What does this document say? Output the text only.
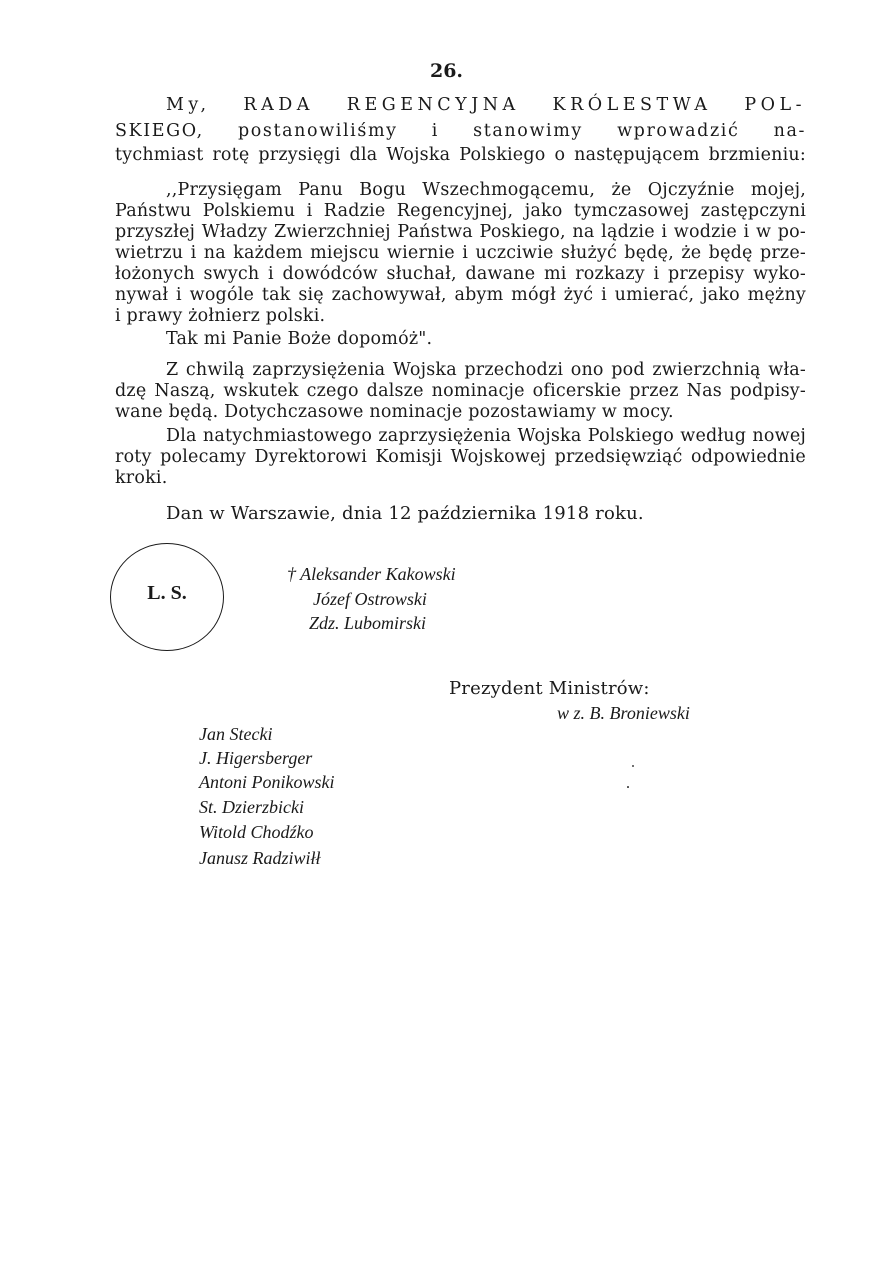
26.
My, RADA REGENCYJNA KRÓLESTWA POL-
SKIEGO, postanowiliśmy i stanowimy wprowadzić na-
tychmiast rotę przysięgi dla Wojska Polskiego o następującem brzmieniu:
,,Przysięgam Panu Bogu Wszechmogącemu, że Ojczyźnie mojej,
Państwu Polskiemu i Radzie Regencyjnej, jako tymczasowej zastępczyni
przyszłej Władzy Zwierzchniej Państwa Poskiego, na lądzie i wodzie i w po-
wietrzu i na każdem miejscu wiernie i uczciwie służyć będę, że będę prze-
łożonych swych i dowódców słuchał, dawane mi rozkazy i przepisy wyko-
nywał i wogóle tak się zachowywał, abym mógł żyć i umierać, jako mężny
i prawy żołnierz polski.
Tak mi Panie Boże dopomóż".
Z chwilą zaprzysiężenia Wojska przechodzi ono pod zwierzchnią wła-
dzę Naszą, wskutek czego dalsze nominacje oficerskie przez Nas podpisy-
wane będą. Dotychczasowe nominacje pozostawiamy w mocy.
Dla natychmiastowego zaprzysiężenia Wojska Polskiego według nowej
roty polecamy Dyrektorowi Komisji Wojskowej przedsięwziąć odpowiednie
kroki.
Dan w Warszawie, dnia 12 października 1918 roku.
L. S.
† Aleksander Kakowski
Józef Ostrowski
Zdz. Lubomirski
Prezydent Ministrów:
w z. B. Broniewski
Jan Stecki
J. Higersberger
Antoni Ponikowski
St. Dzierzbicki
Witold Chodźko
Janusz Radziwiłł
